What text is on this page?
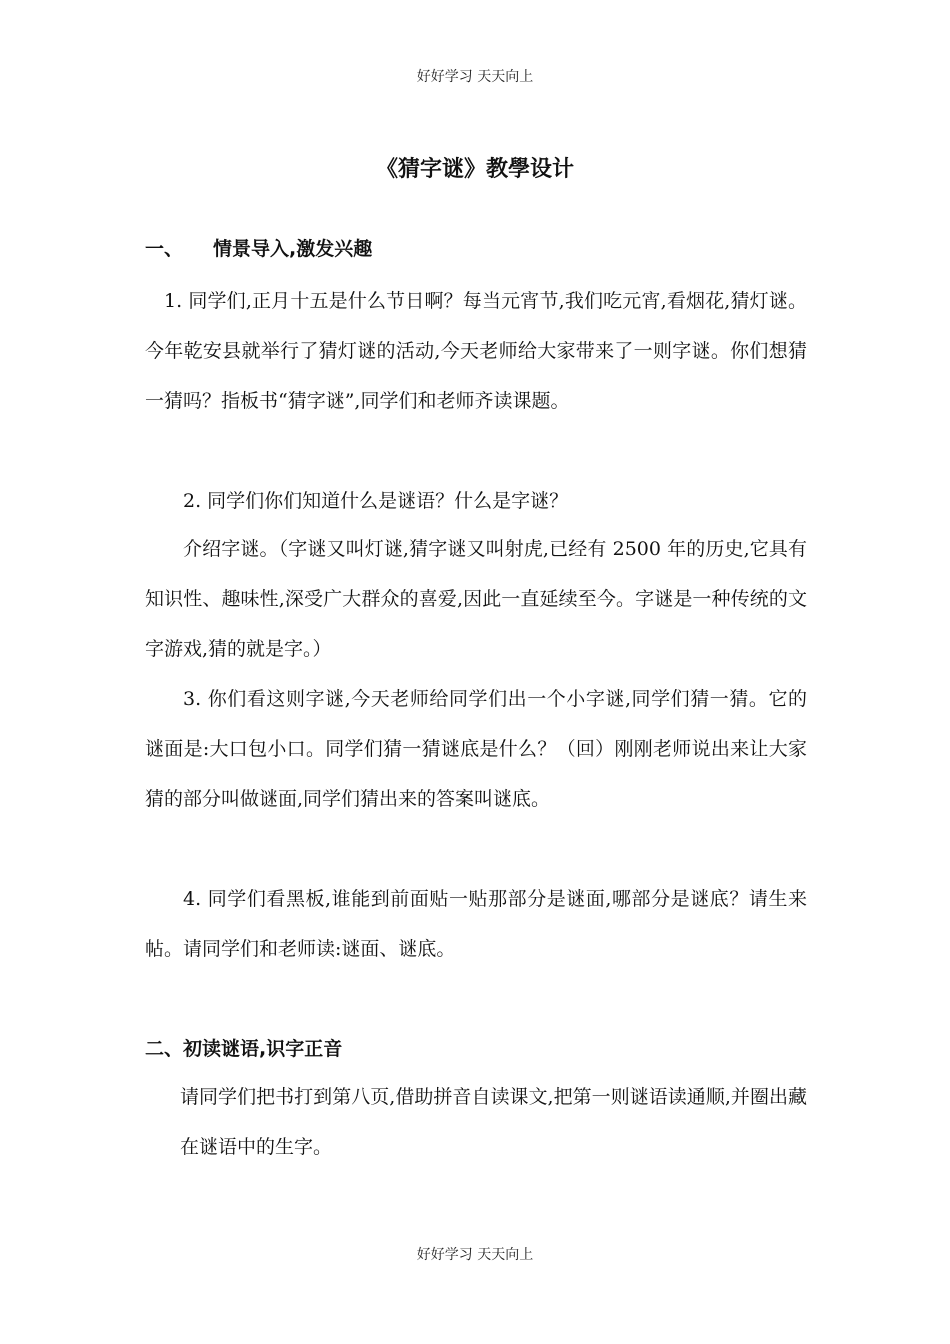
好好学习 天天向上
《猜字谜》教學设计
一、 情景导入,激发兴趣
1. 同学们,正月十五是什么节日啊？每当元宵节,我们吃元宵,看烟花,猜灯谜。今年乾安县就举行了猜灯谜的活动,今天老师给大家带来了一则字谜。你们想猜一猜吗？指板书“猜字谜”,同学们和老师齐读课题。
2. 同学们你们知道什么是谜语？什么是字谜？
介绍字谜。（字谜又叫灯谜,猜字谜又叫射虎,已经有 2500 年的历史,它具有知识性、趣味性,深受广大群众的喜爱,因此一直延续至今。字谜是一种传统的文字游戏,猜的就是字。）
3. 你们看这则字谜,今天老师给同学们出一个小字谜,同学们猜一猜。它的谜面是:大口包小口。同学们猜一猜谜底是什么？（回）刚刚老师说出来让大家猜的部分叫做谜面,同学们猜出来的答案叫谜底。
4. 同学们看黑板,谁能到前面贴一贴那部分是谜面,哪部分是谜底？请生来帖。请同学们和老师读:谜面、谜底。
二、初读谜语,识字正音
请同学们把书打到第八页,借助拼音自读课文,把第一则谜语读通顺,并圈出藏在谜语中的生字。
好好学习 天天向上
